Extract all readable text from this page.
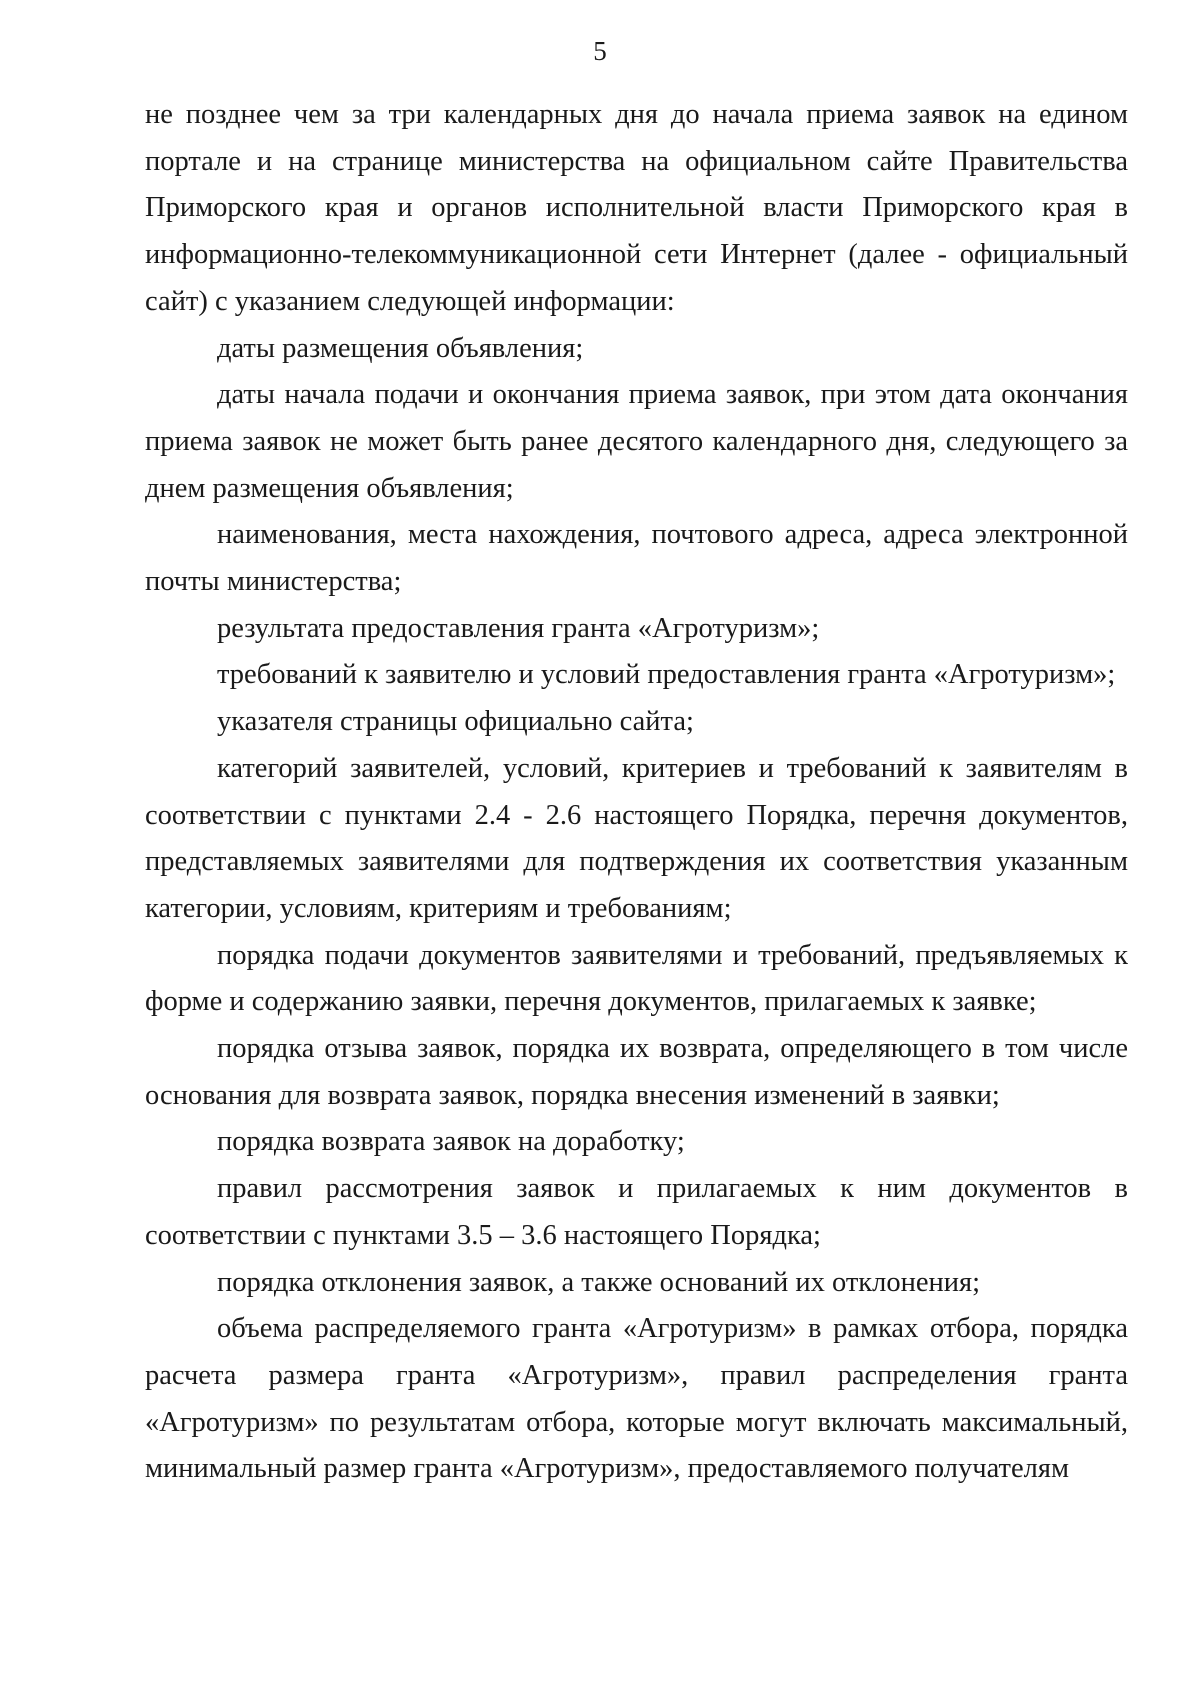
5

не позднее чем за три календарных дня до начала приема заявок на едином портале и на странице министерства на официальном сайте Правительства Приморского края и органов исполнительной власти Приморского края в информационно-телекоммуникационной сети Интернет (далее - официальный сайт) с указанием следующей информации:

даты размещения объявления;

даты начала подачи и окончания приема заявок, при этом дата окончания приема заявок не может быть ранее десятого календарного дня, следующего за днем размещения объявления;

наименования, места нахождения, почтового адреса, адреса электронной почты министерства;

результата предоставления гранта «Агротуризм»;

требований к заявителю и условий предоставления гранта «Агротуризм»;

указателя страницы официально сайта;

категорий заявителей, условий, критериев и требований к заявителям в соответствии с пунктами 2.4 - 2.6 настоящего Порядка, перечня документов, представляемых заявителями для подтверждения их соответствия указанным категории, условиям, критериям и требованиям;

порядка подачи документов заявителями и требований, предъявляемых к форме и содержанию заявки, перечня документов, прилагаемых к заявке;

порядка отзыва заявок, порядка их возврата, определяющего в том числе основания для возврата заявок, порядка внесения изменений в заявки;

порядка возврата заявок на доработку;

правил рассмотрения заявок и прилагаемых к ним документов в соответствии с пунктами 3.5 – 3.6 настоящего Порядка;

порядка отклонения заявок, а также оснований их отклонения;

объема распределяемого гранта «Агротуризм» в рамках отбора, порядка расчета размера гранта «Агротуризм», правил распределения гранта «Агротуризм» по результатам отбора, которые могут включать максимальный, минимальный размер гранта «Агротуризм», предоставляемого получателям
